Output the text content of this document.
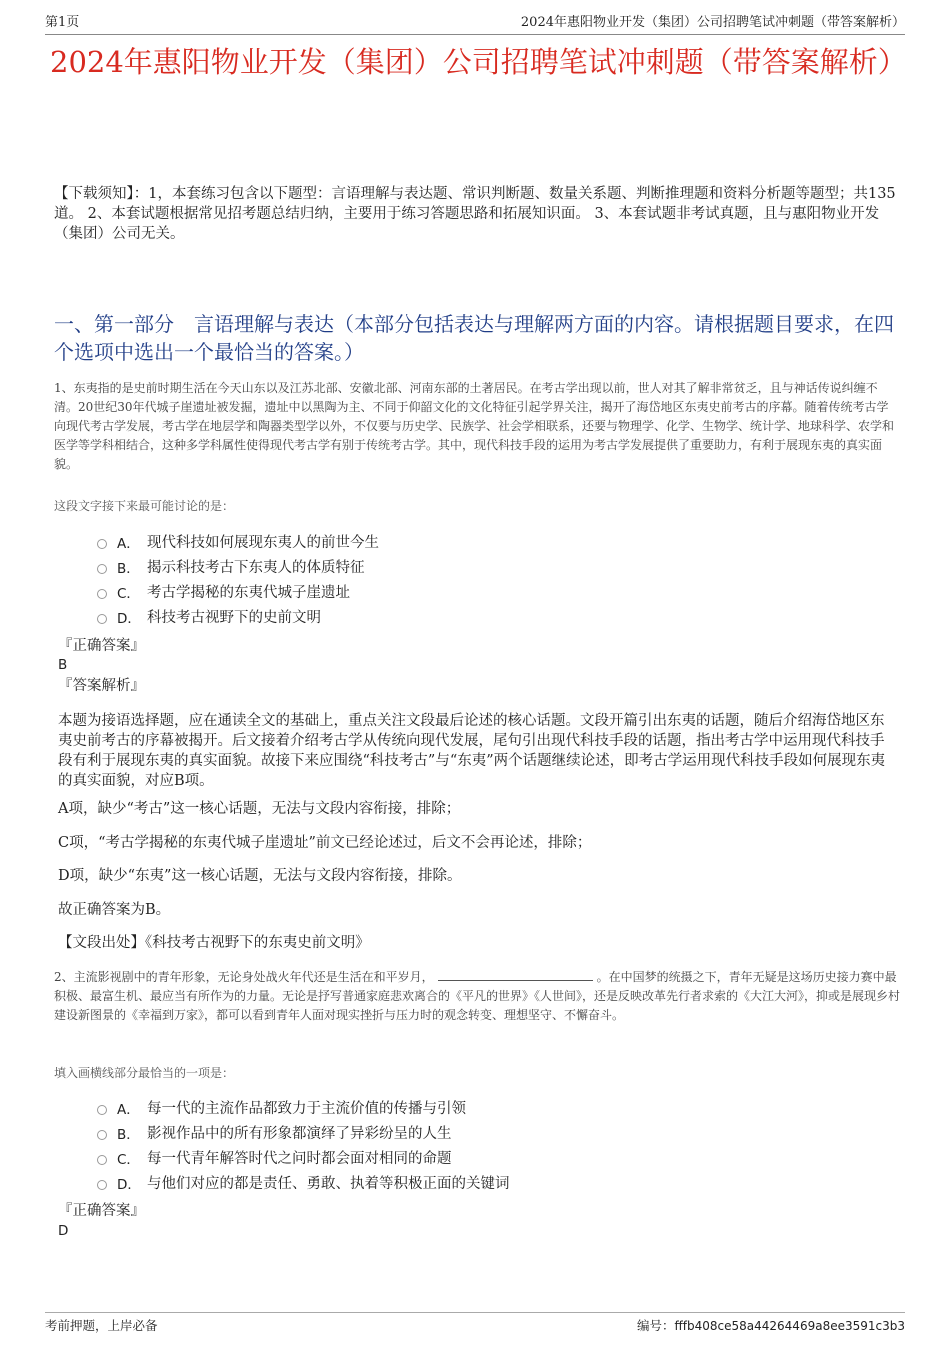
第1页	2024年惠阳物业开发（集团）公司招聘笔试冲刺题（带答案解析）
2024年惠阳物业开发（集团）公司招聘笔试冲刺题（带答案解析）
【下载须知】：1，本套练习包含以下题型：言语理解与表达题、常识判断题、数量关系题、判断推理题和资料分析题等题型；共135道。 2、本套试题根据常见招考题总结归纳，主要用于练习答题思路和拓展知识面。 3、本套试题非考试真题，且与惠阳物业开发（集团）公司无关。
一、第一部分　言语理解与表达（本部分包括表达与理解两方面的内容。请根据题目要求，在四个选项中选出一个最恰当的答案。）
1、东夷指的是史前时期生活在今天山东以及江苏北部、安徽北部、河南东部的土著居民。在考古学出现以前，世人对其了解非常贫乏，且与神话传说纠缠不清。20世纪30年代城子崖遗址被发掘，遗址中以黑陶为主、不同于仰韶文化的文化特征引起学界关注，揭开了海岱地区东夷史前考古的序幕。随着传统考古学向现代考古学发展，考古学在地层学和陶器类型学以外，不仅要与历史学、民族学、社会学相联系，还要与物理学、化学、生物学、统计学、地球科学、农学和医学等学科相结合，这种多学科属性使得现代考古学有别于传统考古学。其中，现代科技手段的运用为考古学发展提供了重要助力，有利于展现东夷的真实面貌。
这段文字接下来最可能讨论的是：
A． 现代科技如何展现东夷人的前世今生
B． 揭示科技考古下东夷人的体质特征
C． 考古学揭秘的东夷代城子崖遗址
D． 科技考古视野下的史前文明
『正确答案』
B
『答案解析』
本题为接语选择题，应在通读全文的基础上，重点关注文段最后论述的核心话题。文段开篇引出东夷的话题，随后介绍海岱地区东夷史前考古的序幕被揭开。后文接着介绍考古学从传统向现代发展，尾句引出现代科技手段的话题，指出考古学中运用现代科技手段有利于展现东夷的真实面貌。故接下来应围绕“科技考古”与“东夷”两个话题继续论述，即考古学运用现代科技手段如何展现东夷的真实面貌，对应B项。
A项，缺少“考古”这一核心话题，无法与文段内容衔接，排除；
C项，“考古学揭秘的东夷代城子崖遗址”前文已经论述过，后文不会再论述，排除；
D项，缺少“东夷”这一核心话题，无法与文段内容衔接，排除。
故正确答案为B。
【文段出处】《科技考古视野下的东夷史前文明》
2、主流影视剧中的青年形象，无论身处战火年代还是生活在和平岁月，	。在中国梦的统摄之下，青年无疑是这场历史接力赛中最积极、最富生机、最应当有所作为的力量。无论是抒写普通家庭悲欢离合的《平凡的世界》《人世间》，还是反映改革先行者求索的《大江大河》，抑或是展现乡村建设新图景的《幸福到万家》，都可以看到青年人面对现实挫折与压力时的观念转变、理想坚守、不懈奋斗。
填入画横线部分最恰当的一项是：
A． 每一代的主流作品都致力于主流价值的传播与引领
B． 影视作品中的所有形象都演绎了异彩纷呈的人生
C． 每一代青年解答时代之问时都会面对相同的命题
D． 与他们对应的都是责任、勇敢、执着等积极正面的关键词
『正确答案』
D
考前押题，上岸必备	编号：fffb408ce58a44264469a8ee3591c3b3
